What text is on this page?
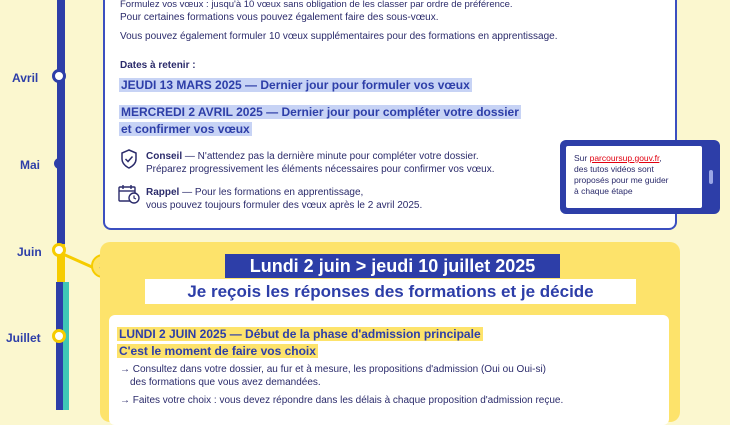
Avril
Mai
Juin
Juillet
Formulez vos vœux : jusqu'à 10 vœux sans obligation de les classer par ordre de préférence.
Pour certaines formations vous pouvez également faire des sous-vœux.
Vous pouvez également formuler 10 vœux supplémentaires pour des formations en apprentissage.
Dates à retenir :
JEUDI 13 MARS 2025 — Dernier jour pour formuler vos vœux
MERCREDI 2 AVRIL 2025 — Dernier jour pour compléter votre dossier
et confirmer vos vœux
Conseil — N'attendez pas la dernière minute pour compléter votre dossier.
Préparez progressivement les éléments nécessaires pour confirmer vos vœux.
Rappel — Pour les formations en apprentissage,
vous pouvez toujours formuler des vœux après le 2 avril 2025.
Sur parcoursup.gouv.fr,
des tutos vidéos sont
proposés pour me guider
à chaque étape
Lundi 2 juin > jeudi 10 juillet 2025
Je reçois les réponses des formations et je décide
LUNDI 2 JUIN 2025 — Début de la phase d'admission principale
C'est le moment de faire vos choix
→ Consultez dans votre dossier, au fur et à mesure, les propositions d'admission (Oui ou Oui-si)
des formations que vous avez demandées.
→ Faites votre choix : vous devez répondre dans les délais à chaque proposition d'admission reçue.
